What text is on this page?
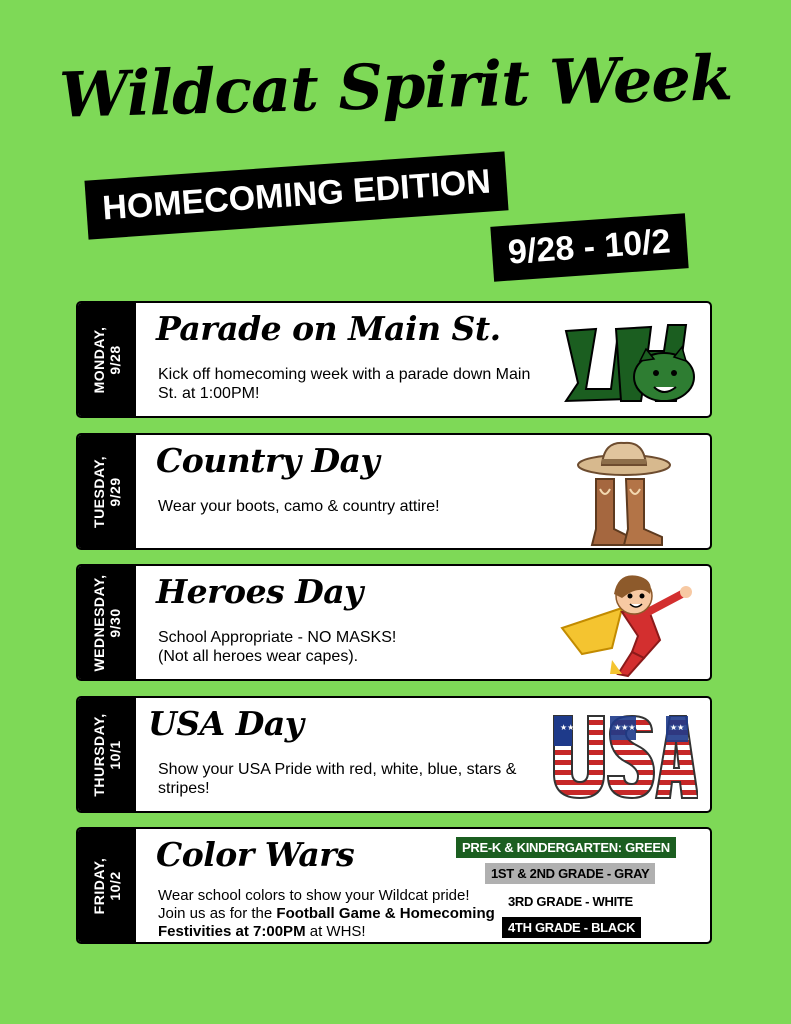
Wildcat Spirit Week
HOMECOMING EDITION
9/28 - 10/2
MONDAY,
9/28
Parade on Main St.
Kick off homecoming week with a parade down Main St. at 1:00PM!
TUESDAY,
9/29
Country Day
Wear your boots, camo & country attire!
WEDNESDAY,
9/30
Heroes Day
School Appropriate - NO MASKS!
(Not all heroes wear capes).
THURSDAY,
10/1
USA Day
Show your USA Pride with red, white, blue, stars & stripes!
★★	★★★	★★
FRIDAY,
10/2
Color Wars
Wear school colors to show your Wildcat pride! Join us as for the Football Game & Homecoming Festivities at 7:00PM at WHS!
PRE-K & KINDERGARTEN: GREEN
1ST & 2ND GRADE - GRAY
3RD GRADE - WHITE
4TH GRADE - BLACK
